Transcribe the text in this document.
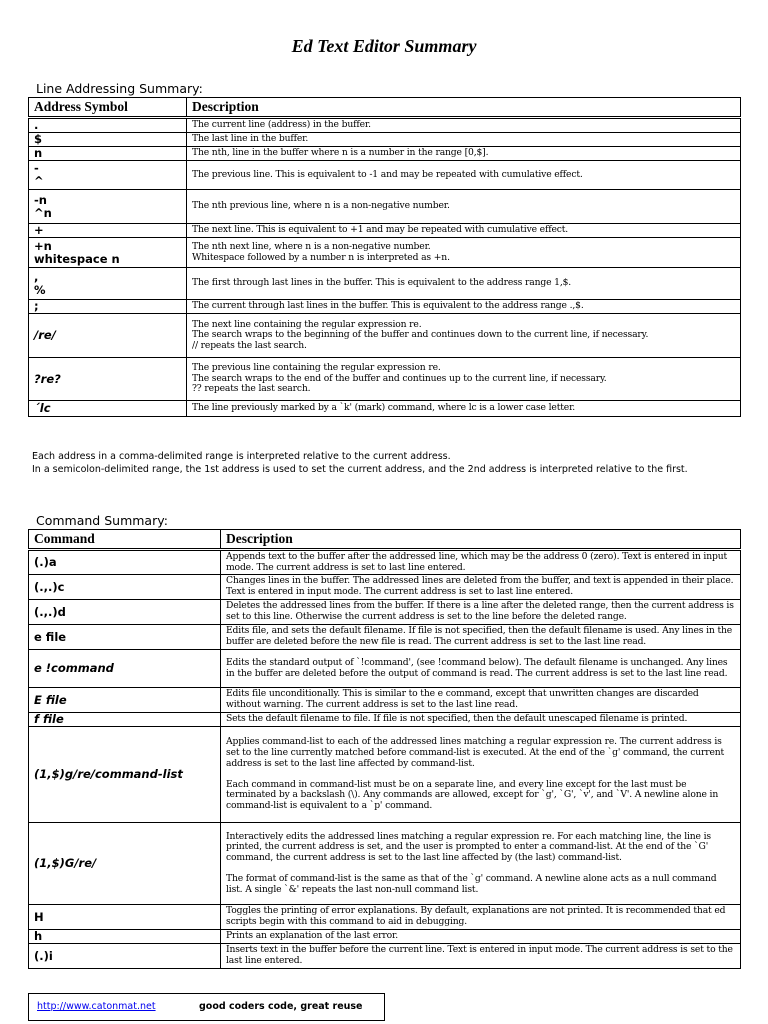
Ed Text Editor Summary
Line Addressing Summary:
Address Symbol	Description
.	The current line (address) in the buffer.
$	The last line in the buffer.
n	The nth, line in the buffer where n is a number in the range [0,$].
-
^	The previous line. This is equivalent to -1 and may be repeated with cumulative effect.
-n
^n	The nth previous line, where n is a non-negative number.
+	The next line. This is equivalent to +1 and may be repeated with cumulative effect.
+n
whitespace n	The nth next line, where n is a non-negative number.
Whitespace followed by a number n is interpreted as +n.
,
%	The first through last lines in the buffer. This is equivalent to the address range 1,$.
;	The current through last lines in the buffer. This is equivalent to the address range .,$.
/re/	The next line containing the regular expression re.
The search wraps to the beginning of the buffer and continues down to the current line, if necessary.
// repeats the last search.
?re?	The previous line containing the regular expression re.
The search wraps to the end of the buffer and continues up to the current line, if necessary.
?? repeats the last search.
´lc	The line previously marked by a `k' (mark) command, where lc is a lower case letter.
Each address in a comma-delimited range is interpreted relative to the current address.
In a semicolon-delimited range, the 1st address is used to set the current address, and the 2nd address is interpreted relative to the first.
Command Summary:
Command	Description
(.)a	Appends text to the buffer after the addressed line, which may be the address 0 (zero). Text is entered in input mode. The current address is set to last line entered.
(.,.)c	Changes lines in the buffer. The addressed lines are deleted from the buffer, and text is appended in their place. Text is entered in input mode. The current address is set to last line entered.
(.,.)d	Deletes the addressed lines from the buffer. If there is a line after the deleted range, then the current address is set to this line. Otherwise the current address is set to the line before the deleted range.
e file	Edits file, and sets the default filename. If file is not specified, then the default filename is used. Any lines in the buffer are deleted before the new file is read. The current address is set to the last line read.
e !command	Edits the standard output of `!command', (see !command below). The default filename is unchanged. Any lines in the buffer are deleted before the output of command is read. The current address is set to the last line read.
E file	Edits file unconditionally. This is similar to the e command, except that unwritten changes are discarded without warning. The current address is set to the last line read.
f file	Sets the default filename to file. If file is not specified, then the default unescaped filename is printed.
(1,$)g/re/command-list	Applies command-list to each of the addressed lines matching a regular expression re. The current address is set to the line currently matched before command-list is executed. At the end of the `g' command, the current address is set to the last line affected by command-list.

Each command in command-list must be on a separate line, and every line except for the last must be terminated by a backslash (\). Any commands are allowed, except for `g', `G', `v', and `V'. A newline alone in command-list is equivalent to a `p' command.
(1,$)G/re/	Interactively edits the addressed lines matching a regular expression re. For each matching line, the line is printed, the current address is set, and the user is prompted to enter a command-list. At the end of the `G' command, the current address is set to the last line affected by (the last) command-list.

The format of command-list is the same as that of the `g' command. A newline alone acts as a null command list. A single `&' repeats the last non-null command list.
H	Toggles the printing of error explanations. By default, explanations are not printed. It is recommended that ed scripts begin with this command to aid in debugging.
h	Prints an explanation of the last error.
(.)i	Inserts text in the buffer before the current line. Text is entered in input mode. The current address is set to the last line entered.
http://www.catonmat.net	good coders code, great reuse
